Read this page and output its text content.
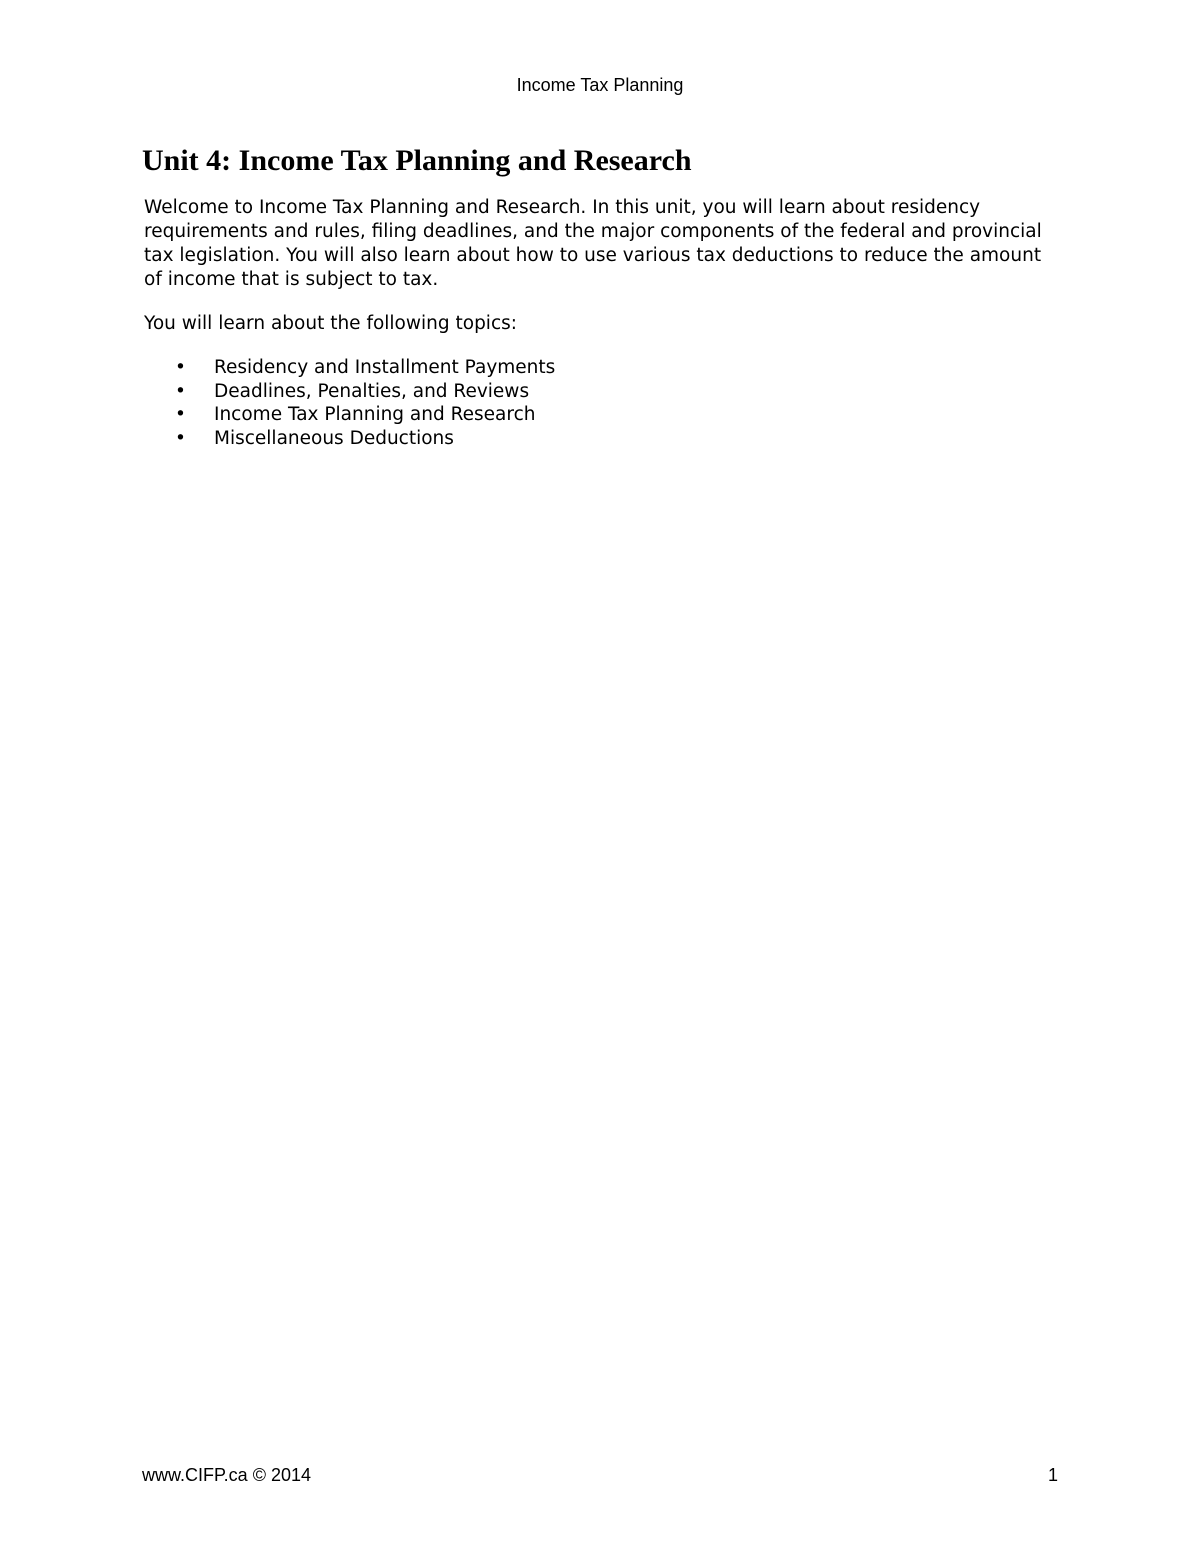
Income Tax Planning
Unit 4: Income Tax Planning and Research

Welcome to Income Tax Planning and Research. In this unit, you will learn about residency requirements and rules, filing deadlines, and the major components of the federal and provincial tax legislation. You will also learn about how to use various tax deductions to reduce the amount of income that is subject to tax.

You will learn about the following topics:

• Residency and Installment Payments
• Deadlines, Penalties, and Reviews
• Income Tax Planning and Research
• Miscellaneous Deductions
www.CIFP.ca © 2014	1
